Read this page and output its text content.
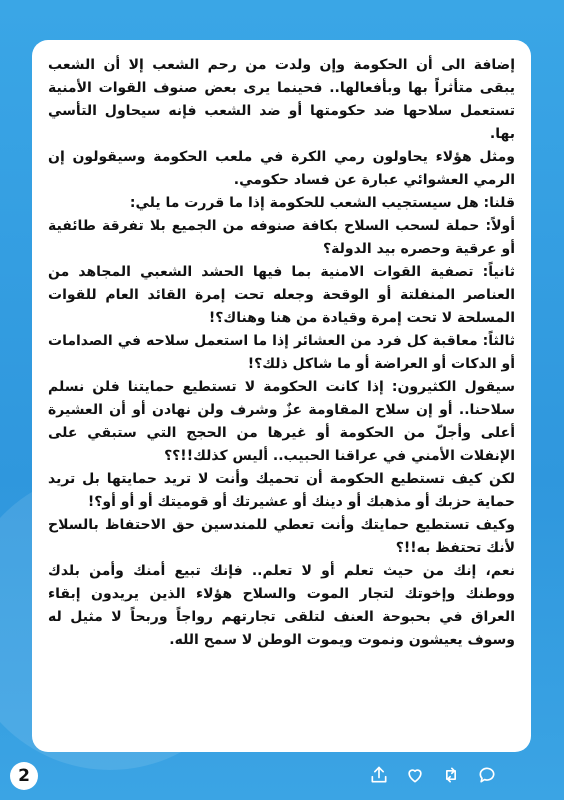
إضافة الى أن الحكومة وإن ولدت من رحم الشعب إلا أن الشعب يبقى متأثراً بها وبأفعالها.. فحينما يرى بعض صنوف القوات الأمنية تستعمل سلاحها ضد حكومتها أو ضد الشعب فإنه سيحاول التأسي بها.

ومثل هؤلاء يحاولون رمي الكرة في ملعب الحكومة وسيقولون إن الرمي العشوائي عبارة عن فساد حكومي.

قلنا: هل سيستجيب الشعب للحكومة إذا ما قررت ما يلي:

أولاً: حملة لسحب السلاح بكافة صنوفه من الجميع بلا تفرقة طائفية أو عرقية وحصره بيد الدولة؟

ثانياً: تصفية القوات الامنية بما فيها الحشد الشعبي المجاهد من العناصر المنفلتة أو الوقحة وجعله تحت إمرة القائد العام للقوات المسلحة لا تحت إمرة وقيادة من هنا وهناك؟!

ثالثاً: معاقبة كل فرد من العشائر إذا ما استعمل سلاحه في الصدامات أو الدكات أو العراضة أو ما شاكل ذلك؟!

سيقول الكثيرون: إذا كانت الحكومة لا تستطيع حمايتنا فلن نسلم سلاحنا.. أو إن سلاح المقاومة عزٌ وشرف ولن نهادن أو أن العشيرة أعلى وأجلّ من الحكومة أو غيرها من الحجج التي ستبقي على الإنفلات الأمني في عراقنا الحبيب.. أليس كذلك!!؟؟

لكن كيف تستطيع الحكومة أن تحميك وأنت لا تريد حمايتها بل تريد حماية حزبك أو مذهبك أو دينك أو عشيرتك أو قوميتك أو أو أو؟!

وكيف تستطيع حمايتك وأنت تعطي للمندسين حق الاحتفاظ بالسلاح لأنك تحتفظ به!!؟

نعم، إنك من حيث تعلم أو لا تعلم.. فإنك تبيع أمنك وأمن بلدك ووطنك وإخوتك لتجار الموت والسلاح هؤلاء الذين يريدون إبقاء العراق في بحبوحة العنف لتلقى تجارتهم رواجاً وربحاً لا مثيل له وسوف يعيشون ونموت ويموت الوطن لا سمح الله.

2
